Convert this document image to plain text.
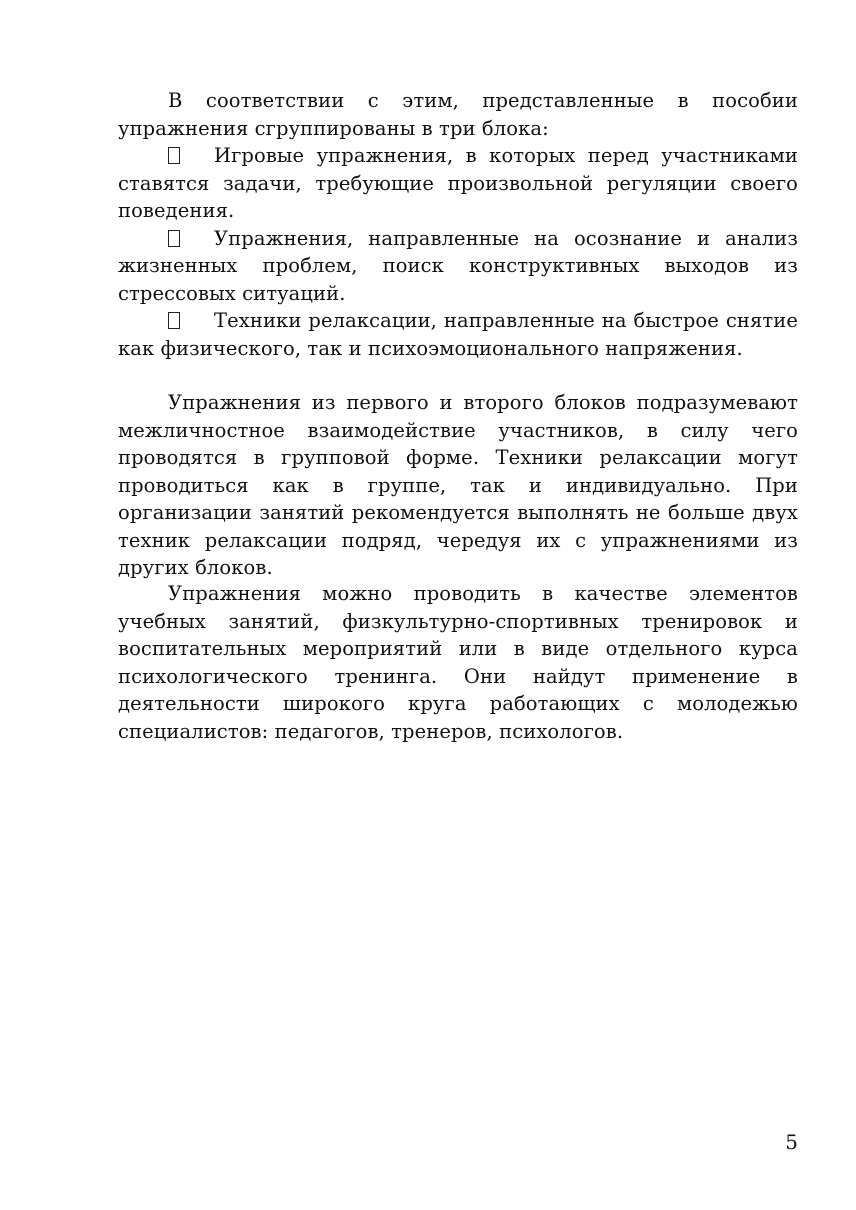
В соответствии с этим, представленные в пособии упражнения сгруппированы в три блока:

Игровые упражнения, в которых перед участниками ставятся задачи, требующие произвольной регуляции своего поведения.

Упражнения, направленные на осознание и анализ жизненных проблем, поиск конструктивных выходов из стрессовых ситуаций.

Техники релаксации, направленные на быстрое снятие как физического, так и психоэмоционального напряжения.

Упражнения из первого и второго блоков подразумевают межличностное взаимодействие участников, в силу чего проводятся в групповой форме. Техники релаксации могут проводиться как в группе, так и индивидуально. При организации занятий рекомендуется выполнять не больше двух техник релаксации подряд, чередуя их с упражнениями из других блоков.

Упражнения можно проводить в качестве элементов учебных занятий, физкультурно-спортивных тренировок и воспитательных мероприятий или в виде отдельного курса психологического тренинга. Они найдут применение в деятельности широкого круга работающих с молодежью специалистов: педагогов, тренеров, психологов.

5
